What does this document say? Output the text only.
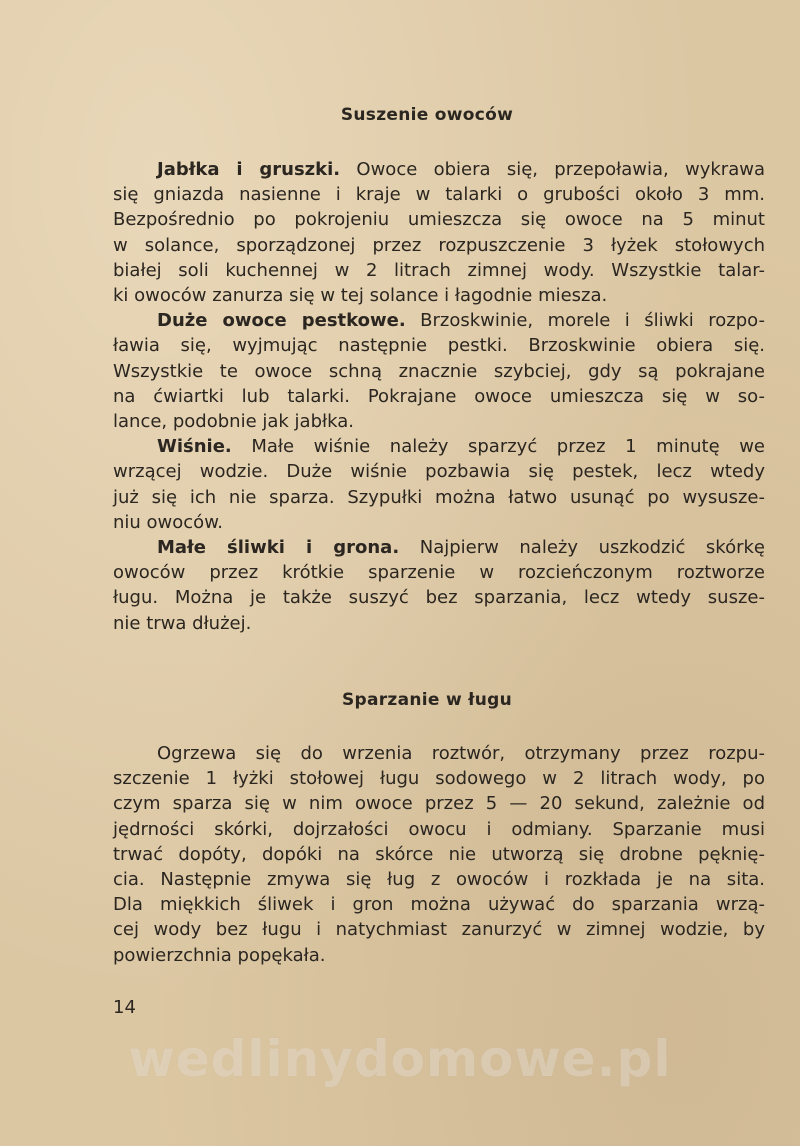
Suszenie owoców
Jabłka i gruszki. Owoce obiera się, przepoławia, wykrawa
się gniazda nasienne i kraje w talarki o grubości około 3 mm.
Bezpośrednio po pokrojeniu umieszcza się owoce na 5 minut
w solance, sporządzonej przez rozpuszczenie 3 łyżek stołowych
białej soli kuchennej w 2 litrach zimnej wody. Wszystkie talar-
ki owoców zanurza się w tej solance i łagodnie miesza.
Duże owoce pestkowe. Brzoskwinie, morele i śliwki rozpo-
ławia się, wyjmując następnie pestki. Brzoskwinie obiera się.
Wszystkie te owoce schną znacznie szybciej, gdy są pokrajane
na ćwiartki lub talarki. Pokrajane owoce umieszcza się w so-
lance, podobnie jak jabłka.
Wiśnie. Małe wiśnie należy sparzyć przez 1 minutę we
wrzącej wodzie. Duże wiśnie pozbawia się pestek, lecz wtedy
już się ich nie sparza. Szypułki można łatwo usunąć po wysusze-
niu owoców.
Małe śliwki i grona. Najpierw należy uszkodzić skórkę
owoców przez krótkie sparzenie w rozcieńczonym roztworze
ługu. Można je także suszyć bez sparzania, lecz wtedy susze-
nie trwa dłużej.
Sparzanie w ługu
Ogrzewa się do wrzenia roztwór, otrzymany przez rozpu-
szczenie 1 łyżki stołowej ługu sodowego w 2 litrach wody, po
czym sparza się w nim owoce przez 5 — 20 sekund, zależnie od
jędrności skórki, dojrzałości owocu i odmiany. Sparzanie musi
trwać dopóty, dopóki na skórce nie utworzą się drobne pęknię-
cia. Następnie zmywa się ług z owoców i rozkłada je na sita.
Dla miękkich śliwek i gron można używać do sparzania wrzą-
cej wody bez ługu i natychmiast zanurzyć w zimnej wodzie, by
powierzchnia popękała.
14
wedlinydomowe.pl
